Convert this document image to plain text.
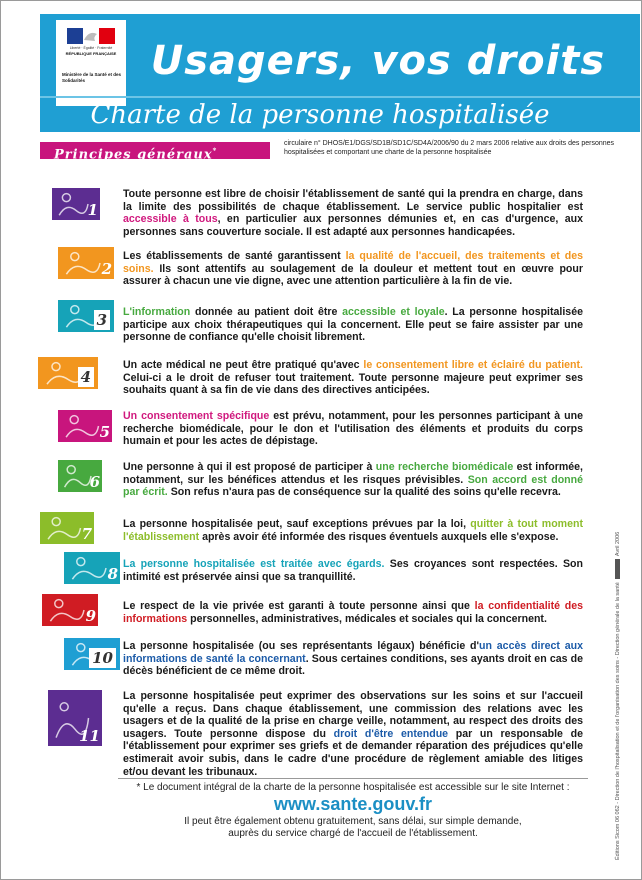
Liberté · Égalité · Fraternité
RÉPUBLIQUE FRANÇAISE
Ministère de la Santé et des Solidarités	Usagers, vos droits
Charte de la personne hospitalisée
Principes généraux*
circulaire n° DHOS/E1/DGS/SD1B/SD1C/SD4A/2006/90 du 2 mars 2006 relative aux droits des personnes hospitalisées et comportant une charte de la personne hospitalisée
1
Toute personne est libre de choisir l'établissement de santé qui la prendra en charge, dans la limite des possibilités de chaque établissement. Le service public hospitalier est accessible à tous, en particulier aux personnes démunies et, en cas d'urgence, aux personnes sans couverture sociale. Il est adapté aux personnes handicapées.
2
Les établissements de santé garantissent la qualité de l'accueil, des traitements et des soins. Ils sont attentifs au soulagement de la douleur et mettent tout en œuvre pour assurer à chacun une vie digne, avec une attention particulière à la fin de vie.
3 L'information donnée au patient doit être accessible et loyale. La personne hospitalisée participe aux choix thérapeutiques qui la concernent. Elle peut se faire assister par une personne de confiance qu'elle choisit librement.
4
Un acte médical ne peut être pratiqué qu'avec le consentement libre et éclairé du patient. Celui-ci a le droit de refuser tout traitement. Toute personne majeure peut exprimer ses souhaits quant à sa fin de vie dans des directives anticipées.
5
Un consentement spécifique est prévu, notamment, pour les personnes participant à une recherche biomédicale, pour le don et l'utilisation des éléments et produits du corps humain et pour les actes de dépistage.
6
Une personne à qui il est proposé de participer à une recherche biomédicale est informée, notamment, sur les bénéfices attendus et les risques prévisibles. Son accord est donné par écrit. Son refus n'aura pas de conséquence sur la qualité des soins qu'elle recevra.
7
La personne hospitalisée peut, sauf exceptions prévues par la loi, quitter à tout moment l'établissement après avoir été informée des risques éventuels auxquels elle s'expose.
8
La personne hospitalisée est traitée avec égards. Ses croyances sont respectées. Son intimité est préservée ainsi que sa tranquillité.
9
Le respect de la vie privée est garanti à toute personne ainsi que la confidentialité des informations personnelles, administratives, médicales et sociales qui la concernent.
10
La personne hospitalisée (ou ses représentants légaux) bénéficie d'un accès direct aux informations de santé la concernant. Sous certaines conditions, ses ayants droit en cas de décès bénéficient de ce même droit.
11
La personne hospitalisée peut exprimer des observations sur les soins et sur l'accueil qu'elle a reçus. Dans chaque établissement, une commission des relations avec les usagers et de la qualité de la prise en charge veille, notamment, au respect des droits des usagers. Toute personne dispose du droit d'être entendue par un responsable de l'établissement pour exprimer ses griefs et de demander réparation des préjudices qu'elle estimerait avoir subis, dans le cadre d'une procédure de règlement amiable des litiges et/ou devant les tribunaux.
* Le document intégral de la charte de la personne hospitalisée est accessible sur le site Internet :
www.sante.gouv.fr
Il peut être également obtenu gratuitement, sans délai, sur simple demande,
auprès du service chargé de l'accueil de l'établissement.	Éditions Sicom 06 062 - Direction de l'hospitalisation et de l'organisation des soins - Direction générale de la santéAvril 2006
